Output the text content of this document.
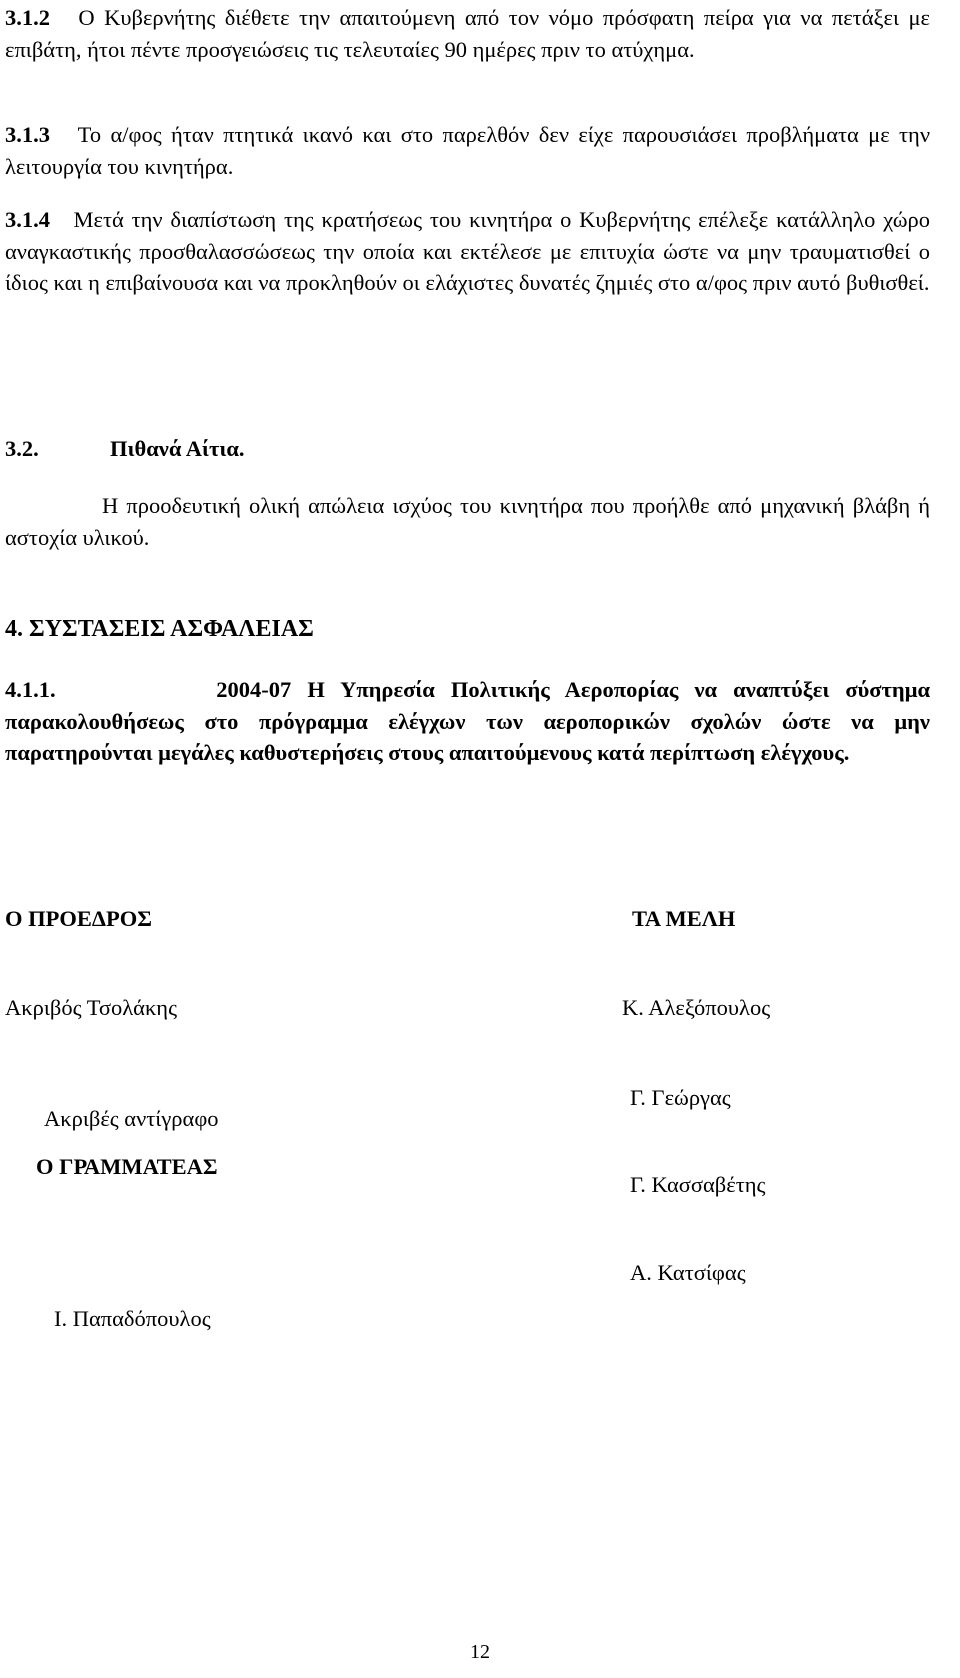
3.1.2 Ο Κυβερνήτης διέθετε την απαιτούμενη από τον νόμο πρόσφατη πείρα για να πετάξει με επιβάτη, ήτοι πέντε προσγειώσεις τις τελευταίες 90 ημέρες πριν το ατύχημα.
3.1.3 Το α/φος ήταν πτητικά ικανό και στο παρελθόν δεν είχε παρουσιάσει προβλήματα με την λειτουργία του κινητήρα.
3.1.4 Μετά την διαπίστωση της κρατήσεως του κινητήρα ο Κυβερνήτης επέλεξε κατάλληλο χώρο αναγκαστικής προσθαλασσώσεως την οποία και εκτέλεσε με επιτυχία ώστε να μην τραυματισθεί ο ίδιος και η επιβαίνουσα και να προκληθούν οι ελάχιστες δυνατές ζημιές στο α/φος πριν αυτό βυθισθεί.
3.2.	Πιθανά Αίτια.
Η προοδευτική ολική απώλεια ισχύος του κινητήρα που προήλθε από μηχανική βλάβη ή αστοχία υλικού.
4. ΣΥΣΤΑΣΕΙΣ ΑΣΦΑΛΕΙΑΣ
4.1.1.	2004-07 Η Υπηρεσία Πολιτικής Αεροπορίας να αναπτύξει σύστημα παρακολουθήσεως στο πρόγραμμα ελέγχων των αεροπορικών σχολών ώστε να μην παρατηρούνται μεγάλες καθυστερήσεις στους απαιτούμενους κατά περίπτωση ελέγχους.
Ο ΠΡΟΕΔΡΟΣ
Ακριβός Τσολάκης
ΤΑ ΜΕΛΗ
Κ. Αλεξόπουλος
Γ. Γεώργας
Γ. Κασσαβέτης
Α. Κατσίφας
Ακριβές αντίγραφο
Ο ΓΡΑΜΜΑΤΕΑΣ
Ι. Παπαδόπουλος
12
